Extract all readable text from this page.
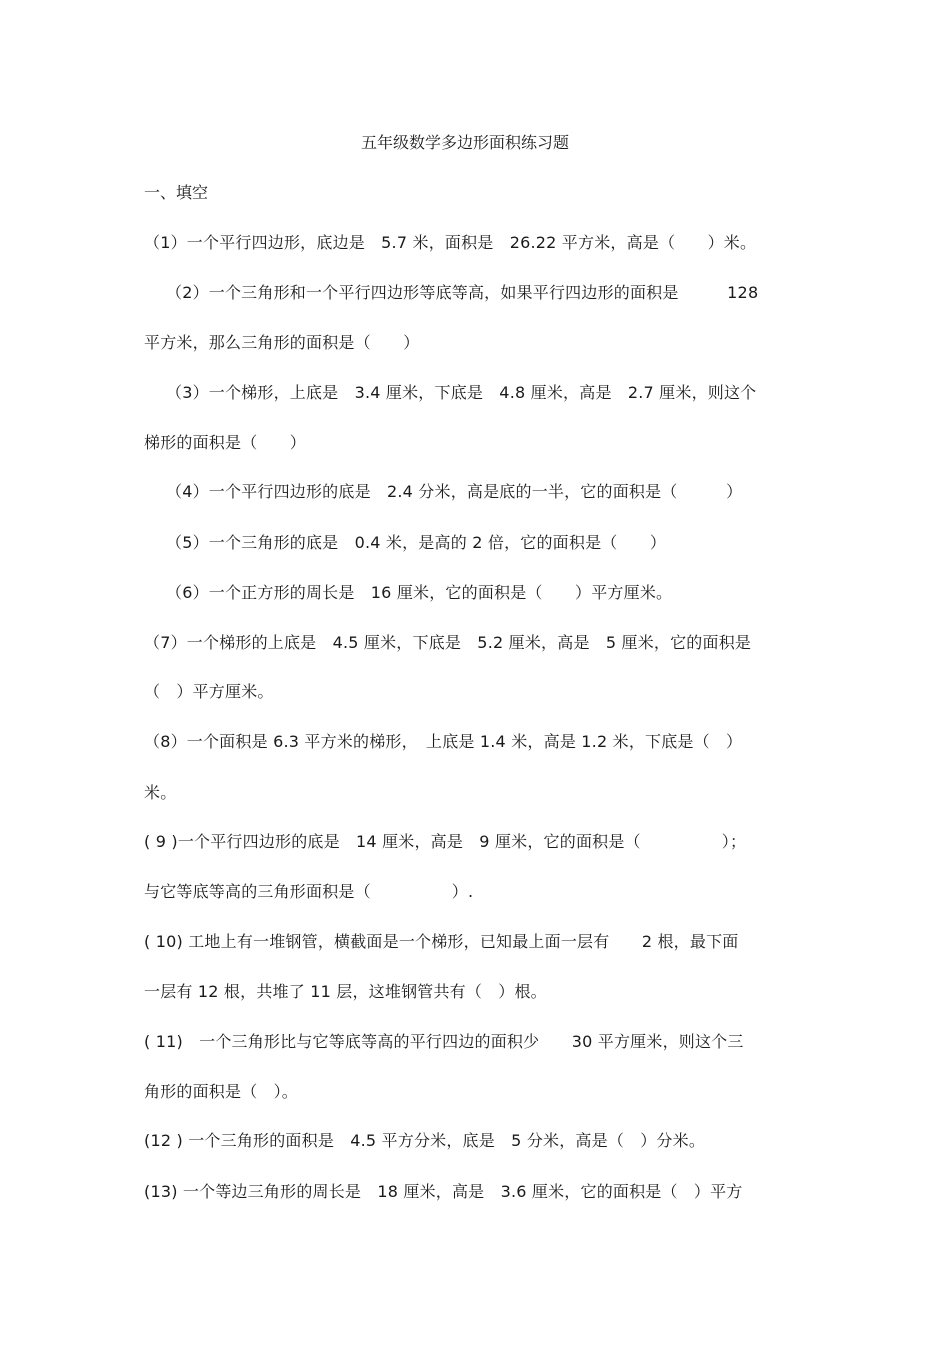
五年级数学多边形面积练习题
一、填空
（1）一个平行四边形，底边是　5.7 米，面积是　26.22 平方米，高是（　　）米。
（2）一个三角形和一个平行四边形等底等高，如果平行四边形的面积是　　　128
平方米，那么三角形的面积是（　　）
（3）一个梯形，上底是　3.4 厘米，下底是　4.8 厘米，高是　2.7 厘米，则这个
梯形的面积是（　　）
（4）一个平行四边形的底是　2.4 分米，高是底的一半，它的面积是（　　　）
（5）一个三角形的底是　0.4 米，是高的 2 倍，它的面积是（　　）
（6）一个正方形的周长是　16 厘米，它的面积是（　　）平方厘米。
（7）一个梯形的上底是　4.5 厘米，下底是　5.2 厘米，高是　5 厘米，它的面积是
（　）平方厘米。
（8）一个面积是 6.3 平方米的梯形，　上底是 1.4 米，高是 1.2 米，下底是（　）
米。
( 9 )一个平行四边形的底是　14 厘米，高是　9 厘米，它的面积是（　　　　　）；
与它等底等高的三角形面积是（　　　　　）.
( 10) 工地上有一堆钢管，横截面是一个梯形，已知最上面一层有　　2 根，最下面
一层有 12 根，共堆了 11 层，这堆钢管共有（　）根。
( 11)　一个三角形比与它等底等高的平行四边的面积少　　30 平方厘米，则这个三
角形的面积是（　）。
(12 ) 一个三角形的面积是　4.5 平方分米，底是　5 分米，高是（　）分米。
(13) 一个等边三角形的周长是　18 厘米，高是　3.6 厘米，它的面积是（　）平方
